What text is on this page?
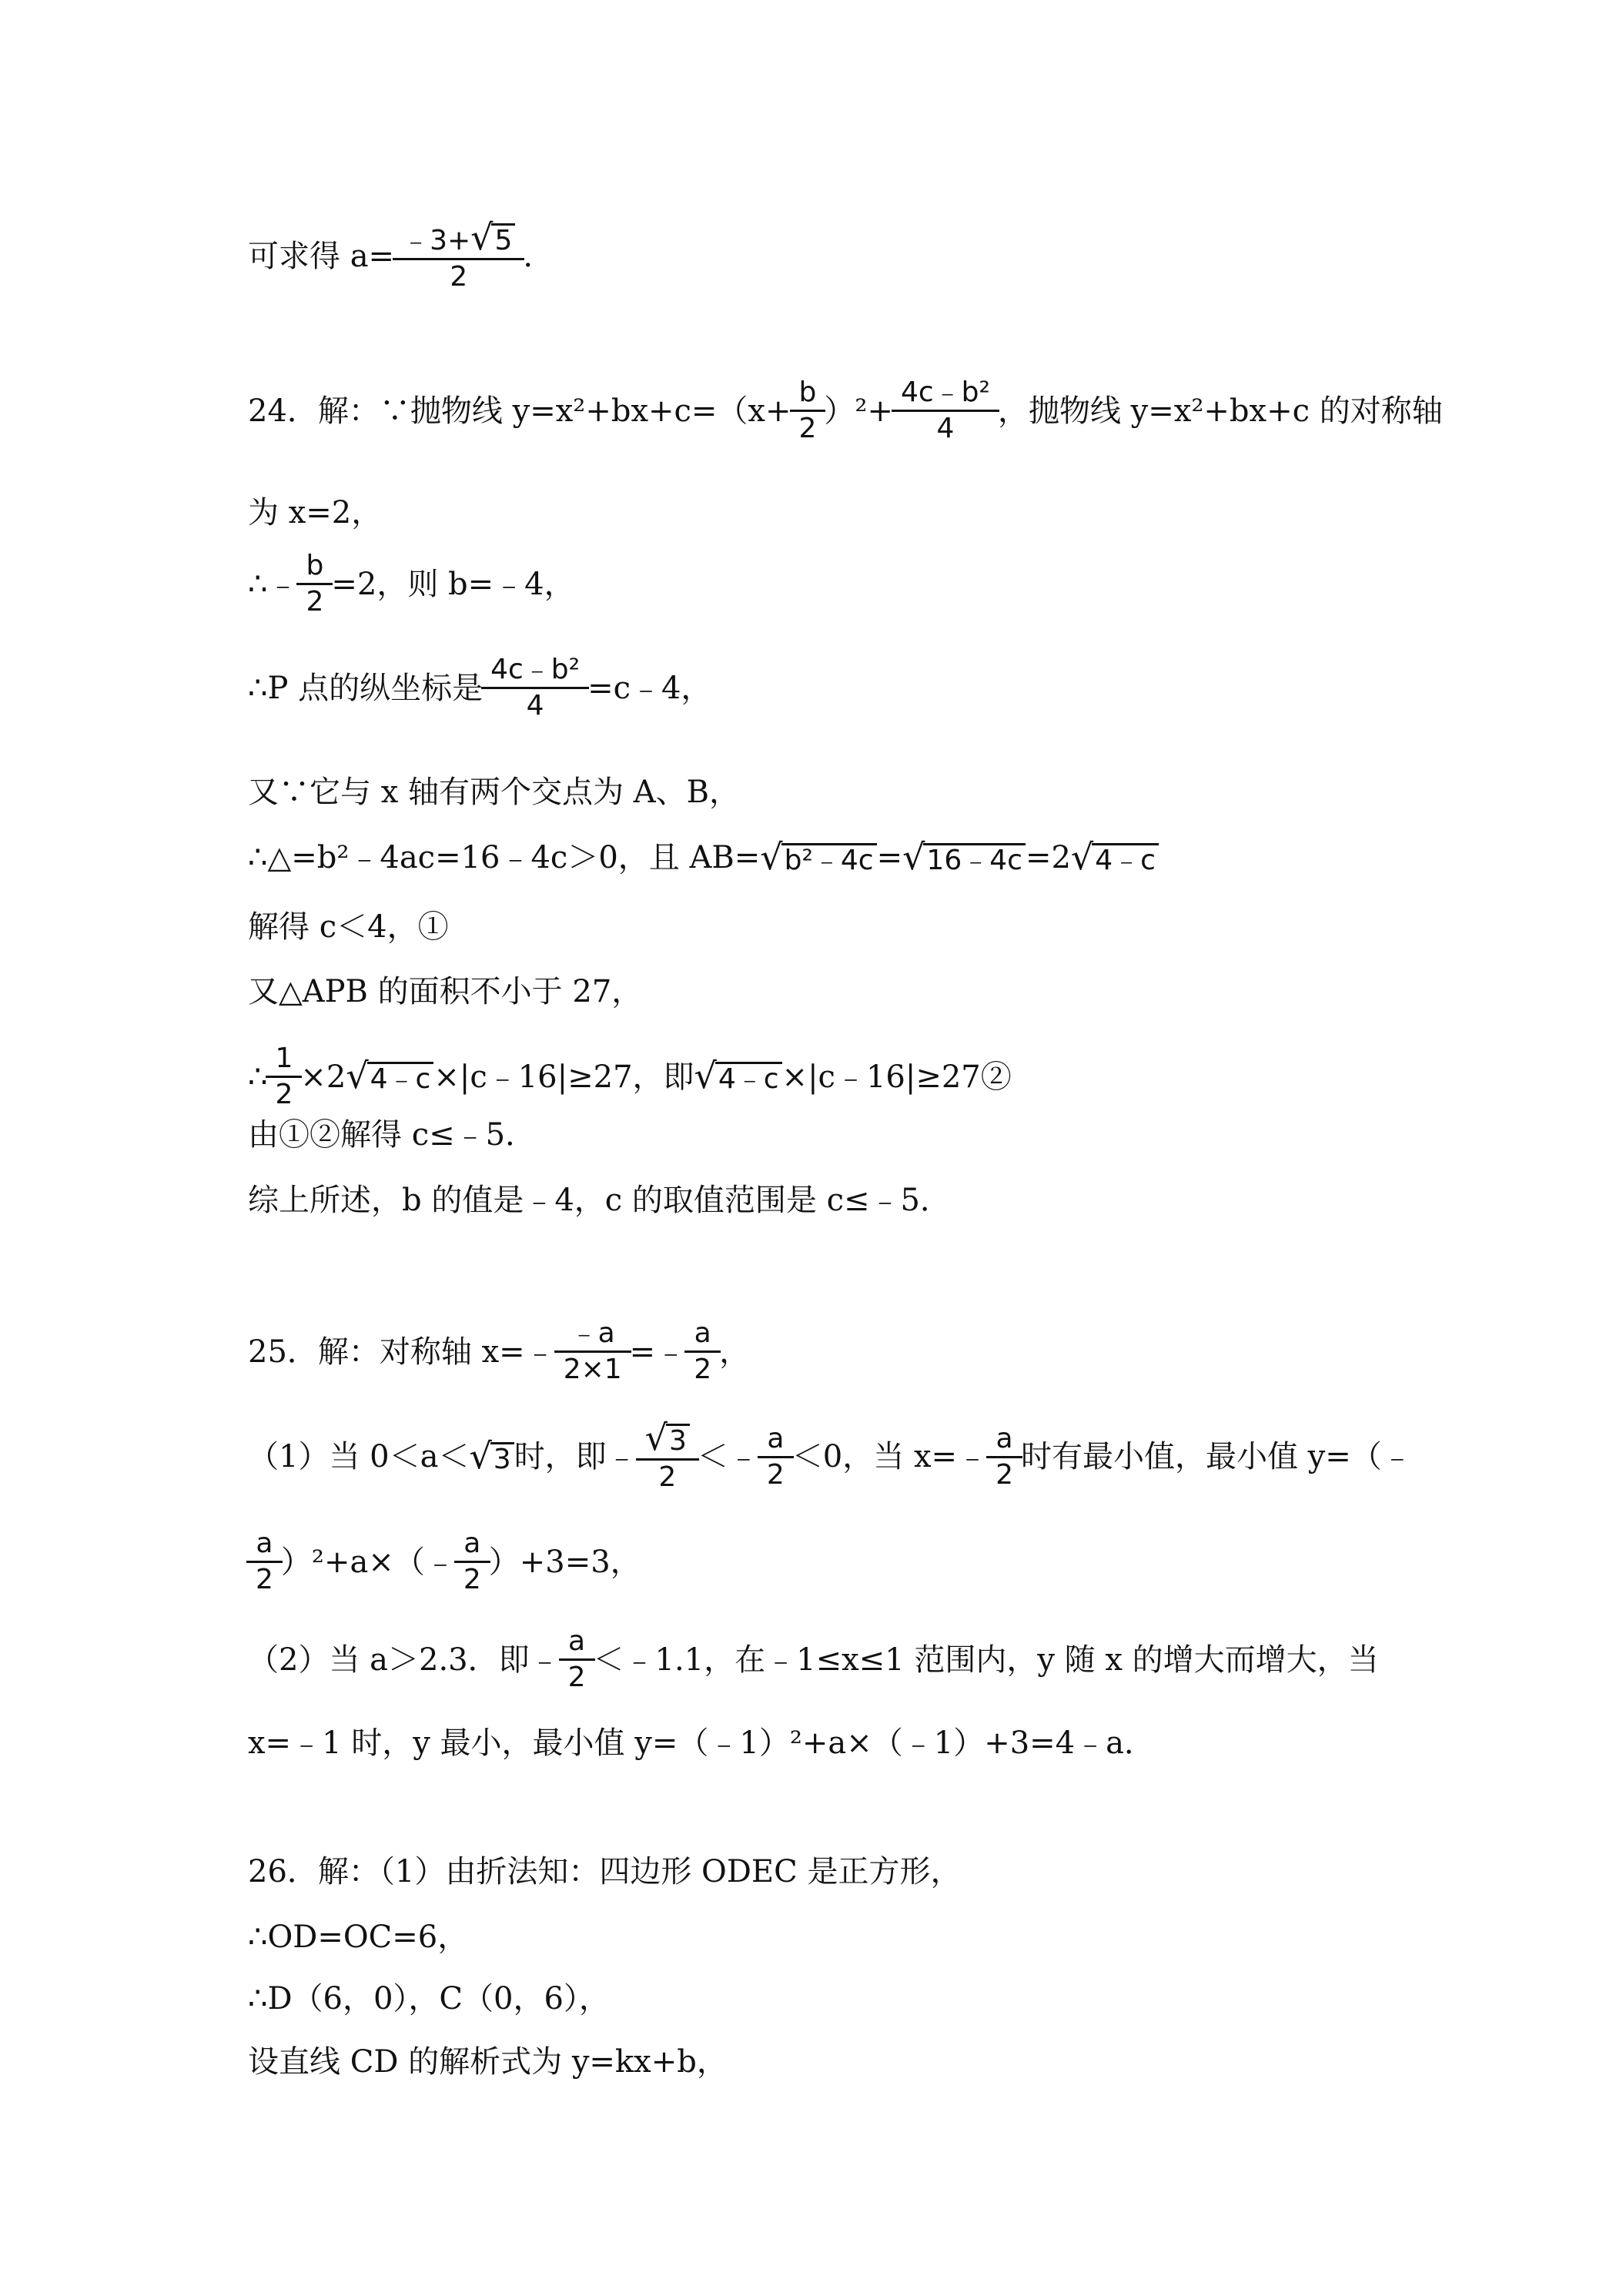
可求得 $a= \frac{﹣3+ √ 5}{2}$ .
24．解：∵抛物线 $y=x^2+bx+c=(x+ \frac{b}{2} )^2+ \frac{\text{4c﹣b²}}{4}$ ，抛物线 y=x²+bx+c 的对称轴
为 x=2，
∴﹣ $\frac{b}{2} =2$，则 b=﹣4，
∴P 点的纵坐标是 $\frac{\text{4c﹣b²}}{4}$ =c﹣4，
又∵它与 x 轴有两个交点为 A、B，
∴△=b²﹣4ac=16﹣4c＞0，且 AB= √ b²﹣4c = √ 16﹣4c =2 √ 4﹣c
解得 c＜4，①
又△APB 的面积不小于 27，
∴ $\frac{1}{2} \times 2$ √ 4﹣c ×|c﹣16|≥27，即 √ 4﹣c ×|c﹣16|≥27②
由①②解得 c≤﹣5．
综上所述，b 的值是﹣4，c 的取值范围是 c≤﹣5．
25．解：对称轴 x=﹣ $\frac{﹣a}{2\times 1}$ =﹣ $\frac{a}{2}$ ，
（1）当 0＜a＜ √ 3 时，即﹣ $\frac{√ 3}{2}$ ＜﹣ $\frac{a}{2} <0$，当 x=﹣ $\frac{a}{2}$ 时有最小值，最小值 y=（﹣
$\frac{a}{2}$ ）²+a×（﹣ $\frac{a}{2} )+3=3$，
（2）当 a＞2.3．即﹣ $\frac{a}{2}$ ＜﹣1.1，在﹣1≤x≤1 范围内，y 随 x 的增大而增大，当
x=﹣1 时，y 最小，最小值 y=（﹣1）²+a×（﹣1）+3=4﹣a．
26．解：（1）由折法知：四边形 ODEC 是正方形，
∴OD=OC=6，
∴D（6，0），C（0，6），
设直线 CD 的解析式为 y=kx+b，
